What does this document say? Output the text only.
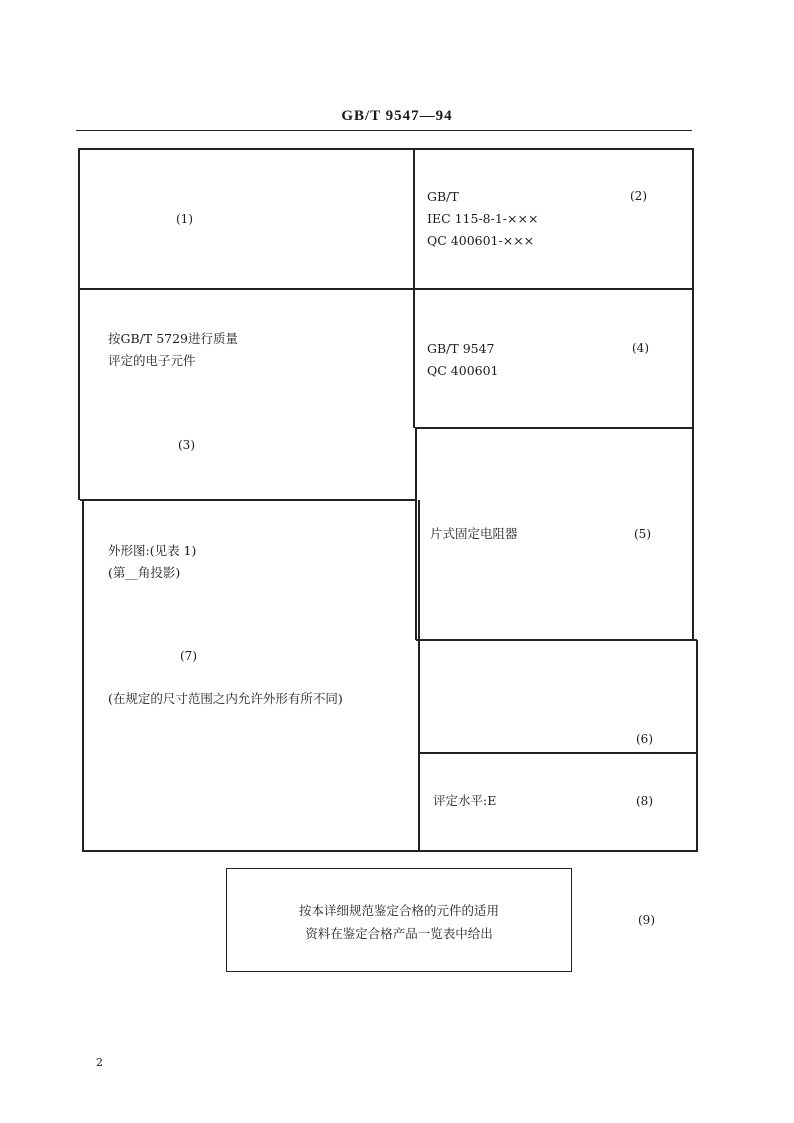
GB/T 9547—94
(1)
GB/T
IEC 115-8-1-×××
QC 400601-×××
(2)
按GB/T 5729进行质量
评定的电子元件
(3)
GB/T 9547
QC 400601
(4)
片式固定电阻器	(5)
(6)
外形图:(见表 1)
(第__角投影)
(7)
(在规定的尺寸范围之内允许外形有所不同)
评定水平:E	(8)
按本详细规范鉴定合格的元件的适用
资料在鉴定合格产品一览表中给出
(9)
2
